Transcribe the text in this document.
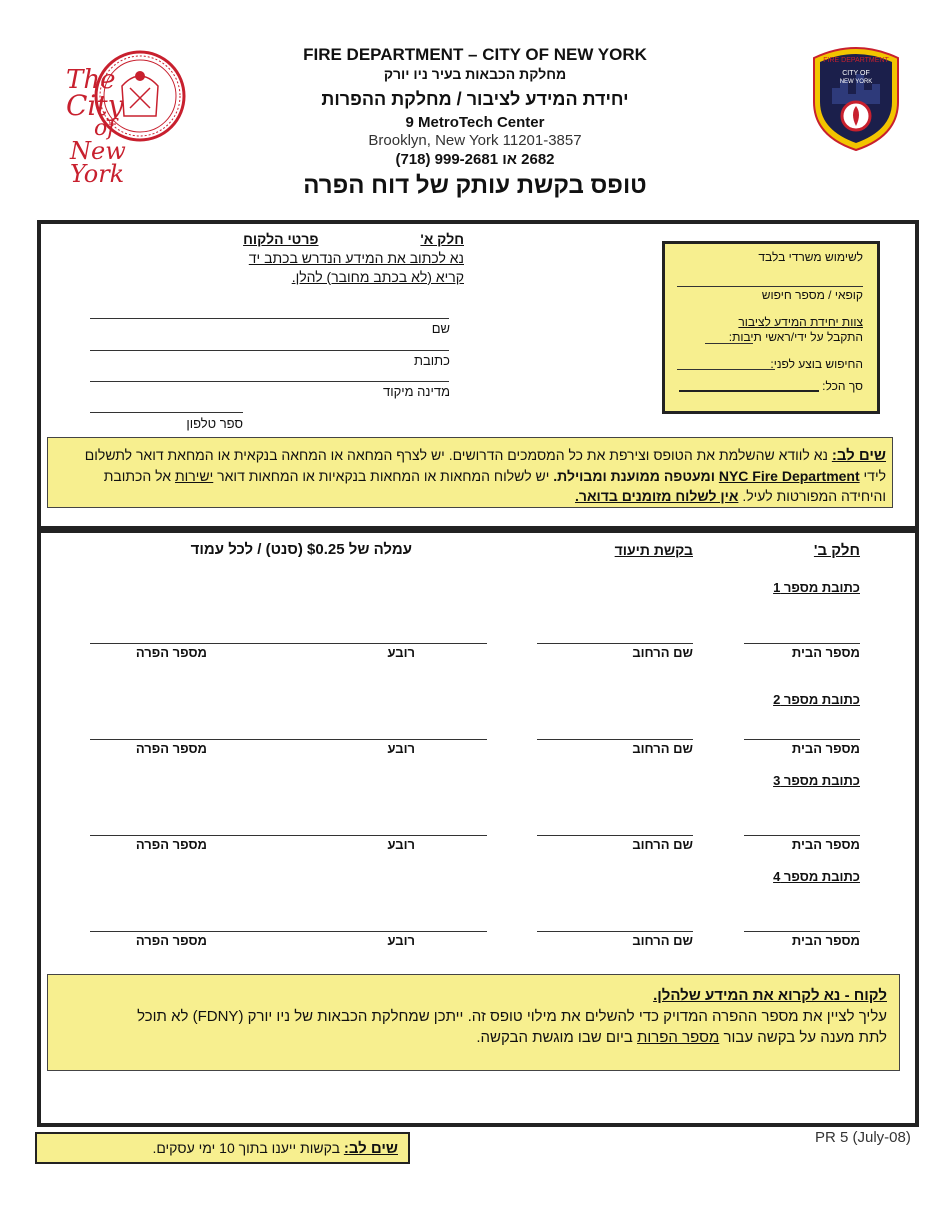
The
City
of
New York
FIRE DEPARTMENT
CITY OF
NEW YORK
FIRE DEPARTMENT – CITY OF NEW YORK
מחלקת הכבאות בעיר ניו יורק
יחידת המידע לציבור / מחלקת ההפרות
9 MetroTech Center
Brooklyn, New York 11201-3857
2682 או 999-2681 (718)
טופס בקשת עותק של דוח הפרה
חלק א' פרטי הלקוח
נא לכתוב את המידע הנדרש בכתב יד
קריא (לא בכתב מחובר) להלן.
שם
כתובת
מדינה מיקוד
ספר טלפון
לשימוש משרדי בלבד
קופאי / מספר חיפוש
צוות יחידת המידע לציבור
התקבל על ידי/ראשי תיבות:
החיפוש בוצע לפני:
סך הכל:
שים לב: נא לוודא שהשלמת את הטופס וצירפת את כל המסמכים הדרושים. יש לצרף המחאה או המחאה בנקאית או המחאת דואר לתשלום
לידי NYC Fire Department ומעטפה ממוענת ומבוילת. יש לשלוח המחאות או המחאות בנקאיות או המחאות דואר ישירות אל הכתובת
והיחידה המפורטות לעיל. אין לשלוח מזומנים בדואר.
חלק ב'
בקשת תיעוד
עמלה של $0.25 (סנט) / לכל עמוד
כתובת מספר 1
מספר הבית
שם הרחוב
רובע
מספר הפרה
כתובת מספר 2
מספר הבית
שם הרחוב
רובע
מספר הפרה
כתובת מספר 3
מספר הבית
שם הרחוב
רובע
מספר הפרה
כתובת מספר 4
מספר הבית
שם הרחוב
רובע
מספר הפרה
לקוח - נא לקרוא את המידע שלהלן.
עליך לציין את מספר ההפרה המדויק כדי להשלים את מילוי טופס זה. ייתכן שמחלקת הכבאות של ניו יורק (FDNY) לא תוכל
לתת מענה על בקשה עבור מספר הפרות ביום שבו מוגשת הבקשה.
PR 5 (July-08)
שים לב: בקשות ייענו בתוך 10 ימי עסקים.
